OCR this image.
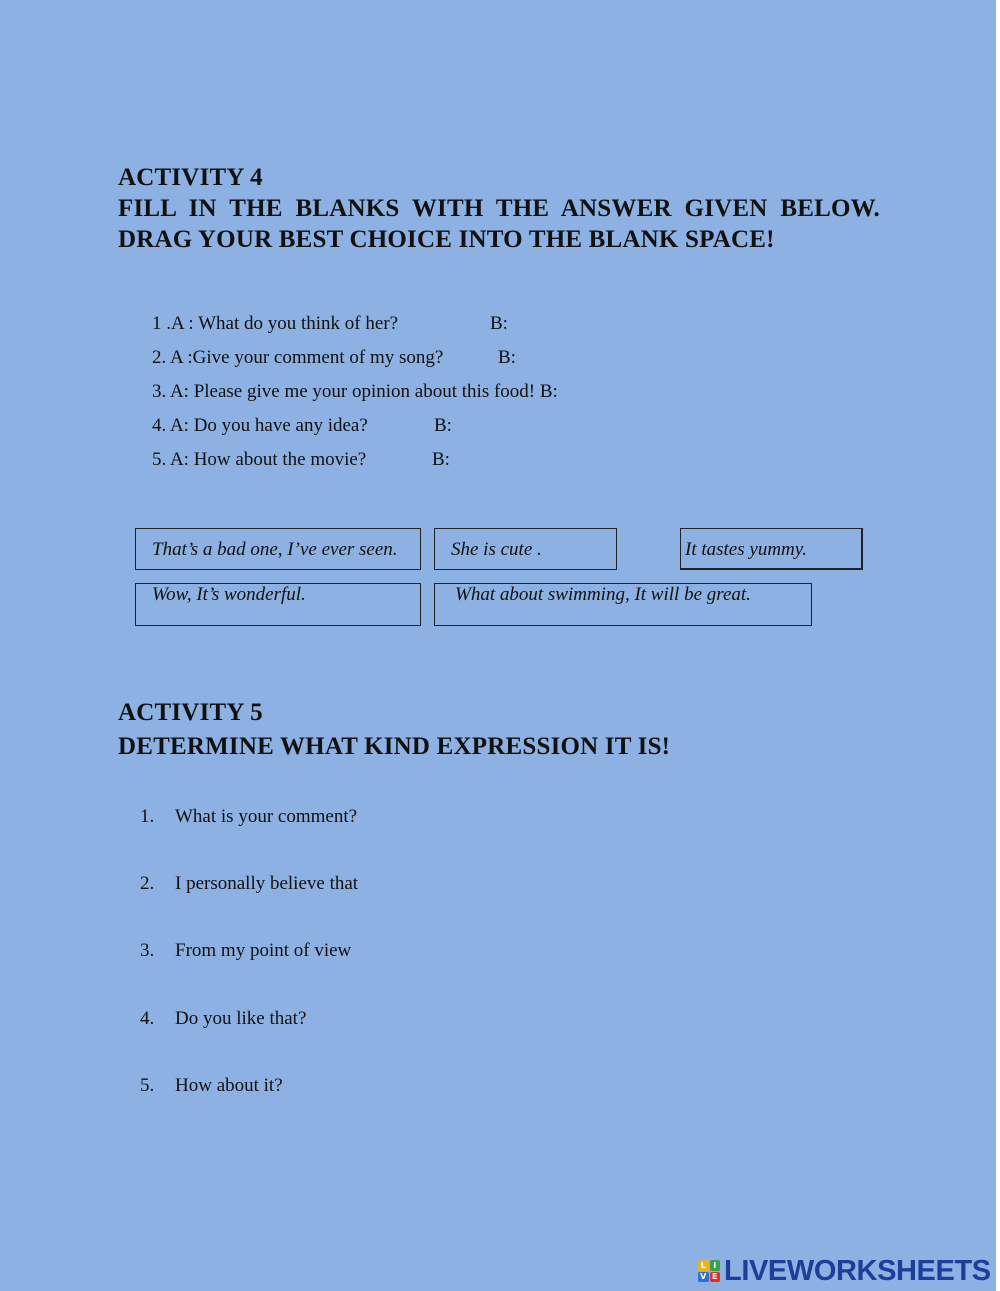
ACTIVITY 4
FILL IN THE BLANKS WITH THE ANSWER GIVEN BELOW.
DRAG YOUR BEST CHOICE INTO THE BLANK SPACE!
1 .A : What do you think of her?	B:
2. A :Give your comment of my song?	B:
3. A: Please give me your opinion about this food! B:
4. A: Do you have any idea?	B:
5. A: How about the movie?	B:
That’s a bad one, I’ve ever seen.	She is cute .	It tastes yummy.
Wow, It’s wonderful.	What about swimming, It will be great.
ACTIVITY 5
DETERMINE WHAT KIND EXPRESSION IT IS!
1. What is your comment?
2. I personally believe that
3. From my point of view
4. Do you like that?
5. How about it?
L I
V E LIVEWORKSHEETS
